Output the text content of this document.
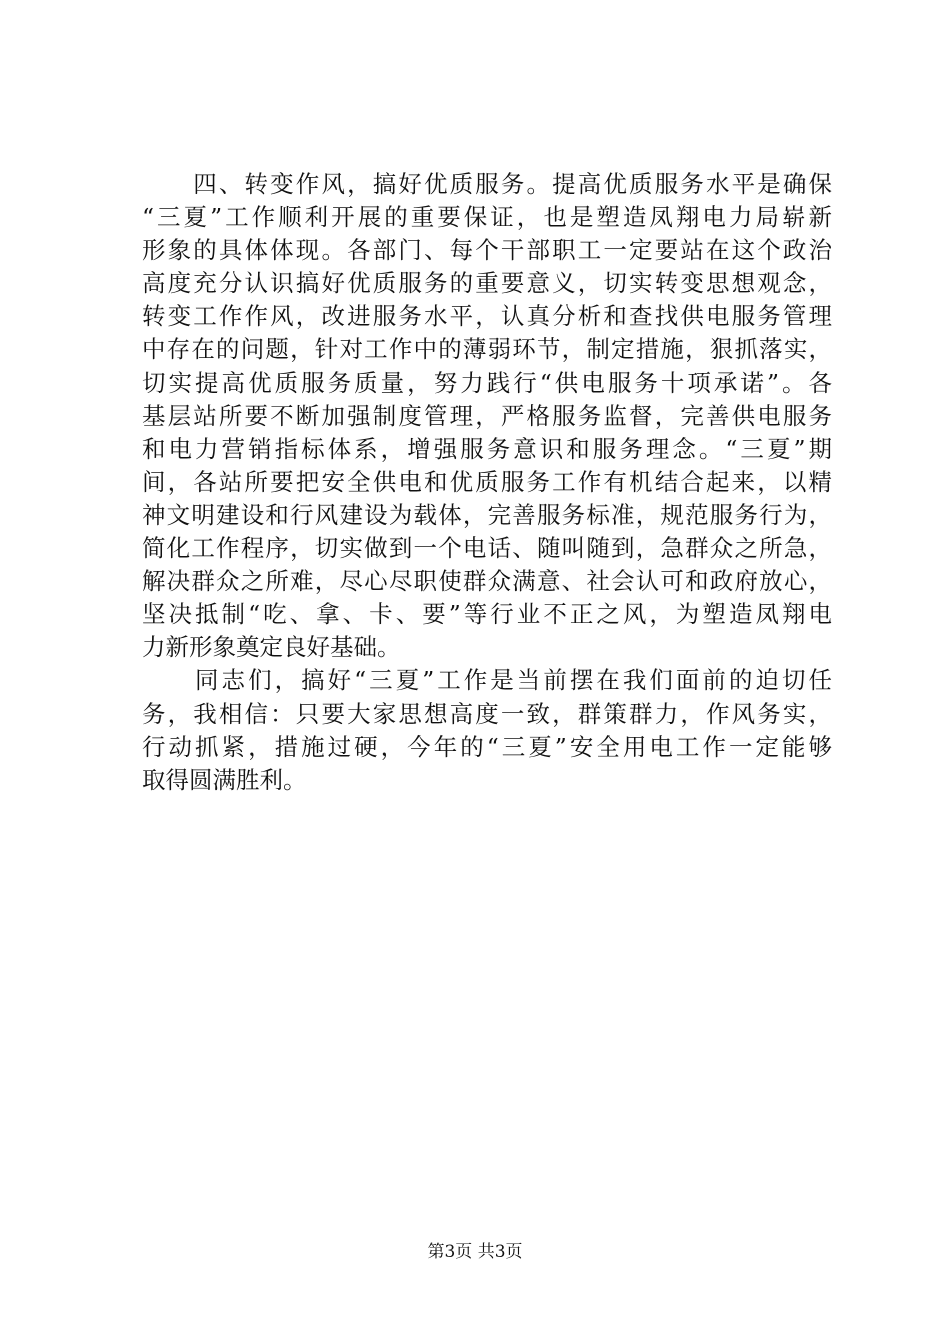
　　四、转变作风，搞好优质服务。提高优质服务水平是确保
“三夏”工作顺利开展的重要保证，也是塑造凤翔电力局崭新
形象的具体体现。各部门、每个干部职工一定要站在这个政治
高度充分认识搞好优质服务的重要意义，切实转变思想观念，
转变工作作风，改进服务水平，认真分析和查找供电服务管理
中存在的问题，针对工作中的薄弱环节，制定措施，狠抓落实，
切实提高优质服务质量，努力践行“供电服务十项承诺”。各
基层站所要不断加强制度管理，严格服务监督，完善供电服务
和电力营销指标体系，增强服务意识和服务理念。“三夏”期
间，各站所要把安全供电和优质服务工作有机结合起来，以精
神文明建设和行风建设为载体，完善服务标准，规范服务行为，
简化工作程序，切实做到一个电话、随叫随到，急群众之所急，
解决群众之所难，尽心尽职使群众满意、社会认可和政府放心，
坚决抵制“吃、拿、卡、要”等行业不正之风，为塑造凤翔电
力新形象奠定良好基础。
　　同志们，搞好“三夏”工作是当前摆在我们面前的迫切任
务，我相信：只要大家思想高度一致，群策群力，作风务实，
行动抓紧，措施过硬，今年的“三夏”安全用电工作一定能够
取得圆满胜利。
第3页 共3页
